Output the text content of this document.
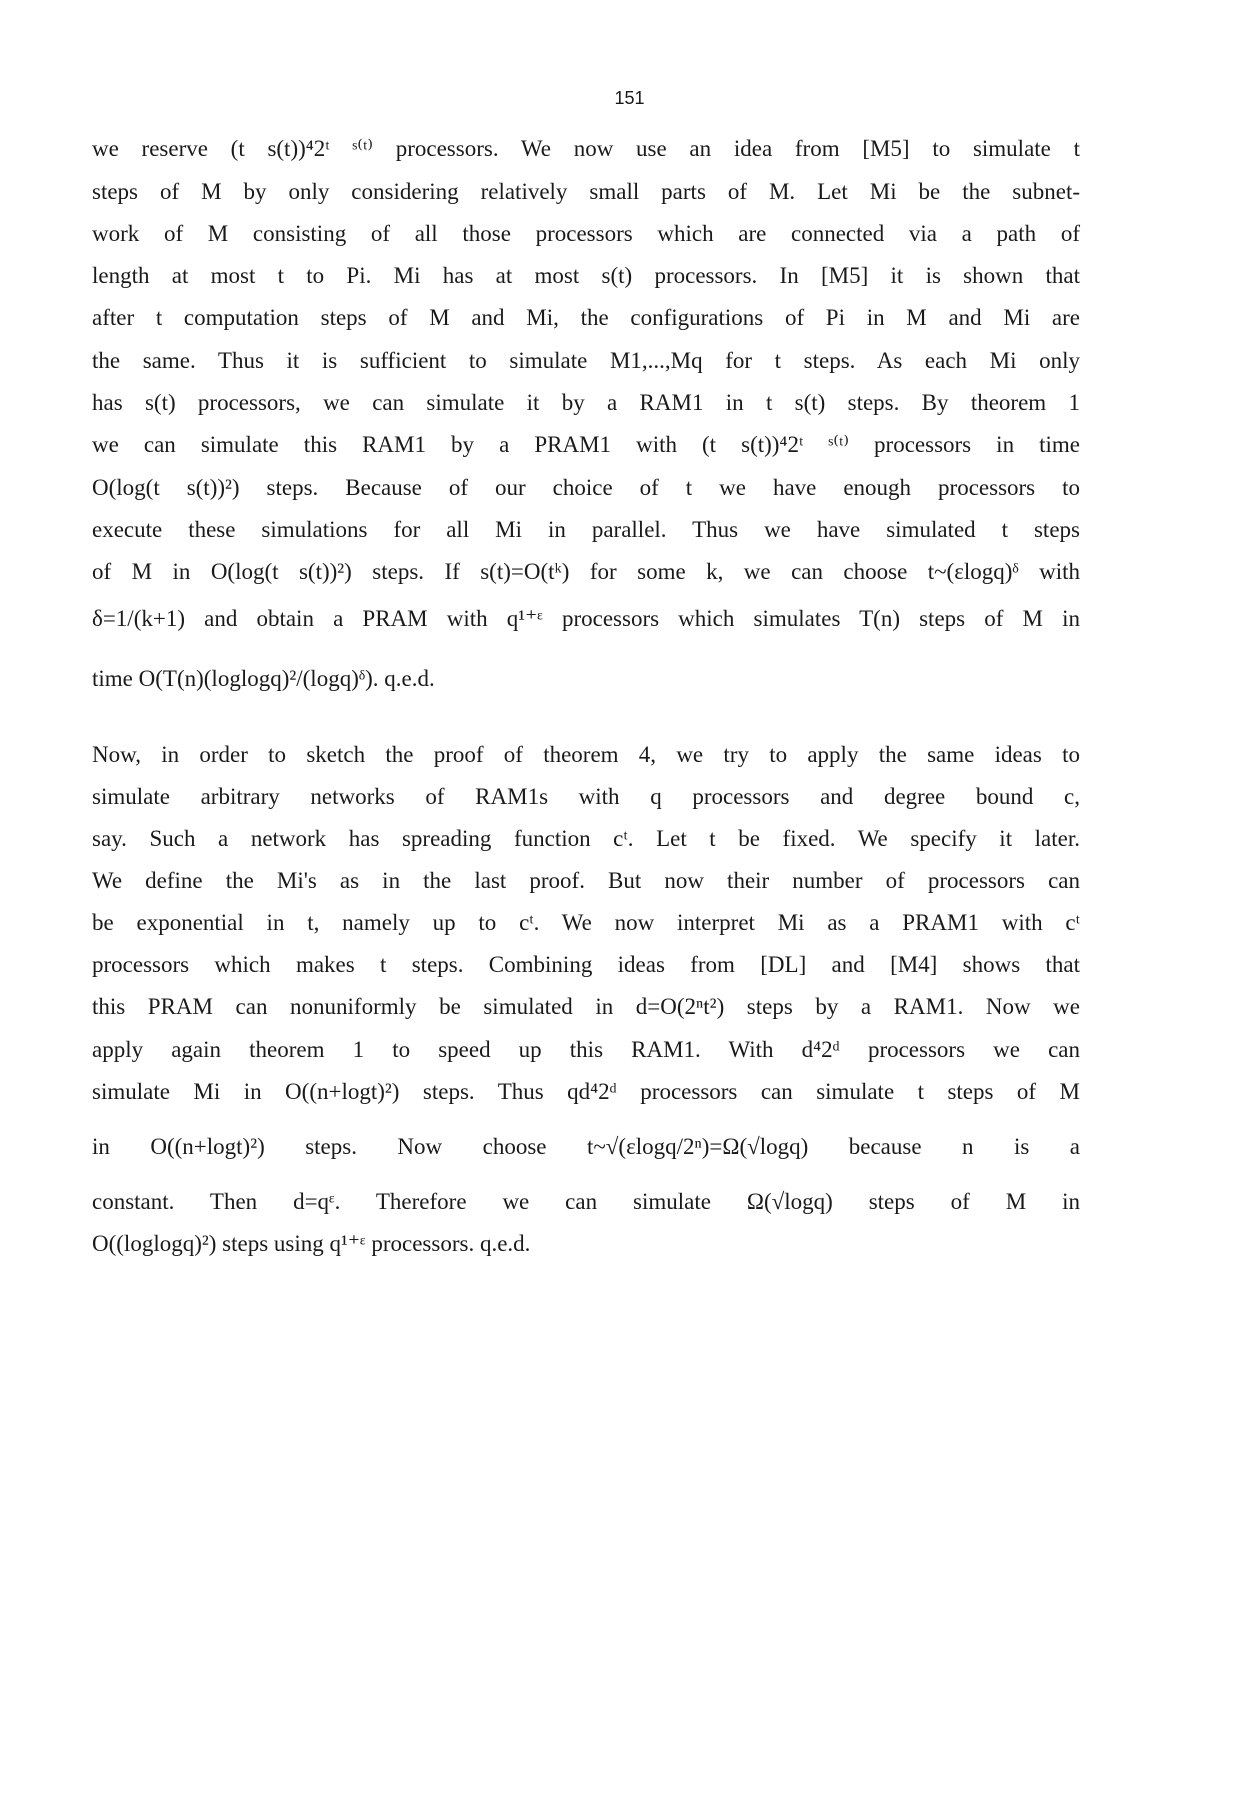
151
we reserve (t s(t))⁴2ᵗ ˢ⁽ᵗ⁾ processors. We now use an idea from [M5] to simulate t
steps of M by only considering relatively small parts of M. Let Mi be the subnet-
work of M consisting of all those processors which are connected via a path of
length at most t to Pi. Mi has at most s(t) processors. In [M5] it is shown that
after t computation steps of M and Mi, the configurations of Pi in M and Mi are
the same. Thus it is sufficient to simulate M1,...,Mq for t steps. As each Mi only
has s(t) processors, we can simulate it by a RAM1 in t s(t) steps. By theorem 1
we can simulate this RAM1 by a PRAM1 with (t s(t))⁴2ᵗ ˢ⁽ᵗ⁾ processors in time
O(log(t s(t))²) steps. Because of our choice of t we have enough processors to
execute these simulations for all Mi in parallel. Thus we have simulated t steps
of M in O(log(t s(t))²) steps. If s(t)=O(tᵏ) for some k, we can choose t~(εlogq)ᵟ with
δ=1/(k+1) and obtain a PRAM with q¹⁺ᵋ processors which simulates T(n) steps of M in
time O(T(n)(loglogq)²/(logq)ᵟ). q.e.d.
Now, in order to sketch the proof of theorem 4, we try to apply the same ideas to
simulate arbitrary networks of RAM1s with q processors and degree bound c,
say. Such a network has spreading function cᵗ. Let t be fixed. We specify it later.
We define the Mi's as in the last proof. But now their number of processors can
be exponential in t, namely up to cᵗ. We now interpret Mi as a PRAM1 with cᵗ
processors which makes t steps. Combining ideas from [DL] and [M4] shows that
this PRAM can nonuniformly be simulated in d=O(2ⁿt²) steps by a RAM1. Now we
apply again theorem 1 to speed up this RAM1. With d⁴2ᵈ processors we can
simulate Mi in O((n+logt)²) steps. Thus qd⁴2ᵈ processors can simulate t steps of M
in O((n+logt)²) steps. Now choose t~√(εlogq/2ⁿ)=Ω(√logq) because n is a
constant. Then d=qᵋ. Therefore we can simulate Ω(√logq) steps of M in
O((loglogq)²) steps using q¹⁺ᵋ processors. q.e.d.
